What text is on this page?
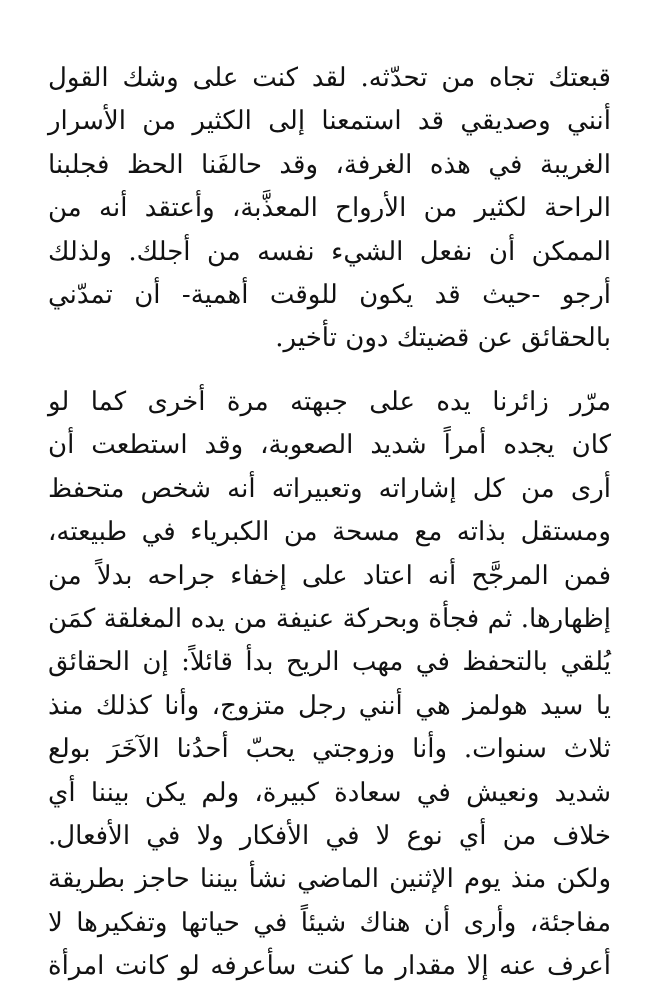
قبعتك تجاه من تحدّثه. لقد كنت على وشك القول
أنني وصديقي قد استمعنا إلى الكثير من الأسرار
الغريبة في هذه الغرفة، وقد حالفَنا الحظ فجلبنا
الراحة لكثير من الأرواح المعذَّبة، وأعتقد أنه من
الممكن أن نفعل الشيء نفسه من أجلك. ولذلك
أرجو -حيث قد يكون للوقت أهمية- أن تمدّني
بالحقائق عن قضيتك دون تأخير.
مرّر زائرنا يده على جبهته مرة أخرى كما لو
كان يجده أمراً شديد الصعوبة، وقد استطعت أن
أرى من كل إشاراته وتعبيراته أنه شخص متحفظ
ومستقل بذاته مع مسحة من الكبرياء في طبيعته،
فمن المرجَّح أنه اعتاد على إخفاء جراحه بدلاً من
إظهارها. ثم فجأة وبحركة عنيفة من يده المغلقة كمَن
يُلقي بالتحفظ في مهب الريح بدأ قائلاً: إن الحقائق
يا سيد هولمز هي أنني رجل متزوج، وأنا كذلك منذ
ثلاث سنوات. وأنا وزوجتي يحبّ أحدُنا الآخَرَ بولع
شديد ونعيش في سعادة كبيرة، ولم يكن بيننا أي
خلاف من أي نوع لا في الأفكار ولا في الأفعال.
ولكن منذ يوم الإثنين الماضي نشأ بيننا حاجز بطريقة
مفاجئة، وأرى أن هناك شيئاً في حياتها وتفكيرها لا
أعرف عنه إلا مقدار ما كنت سأعرفه لو كانت امرأة
